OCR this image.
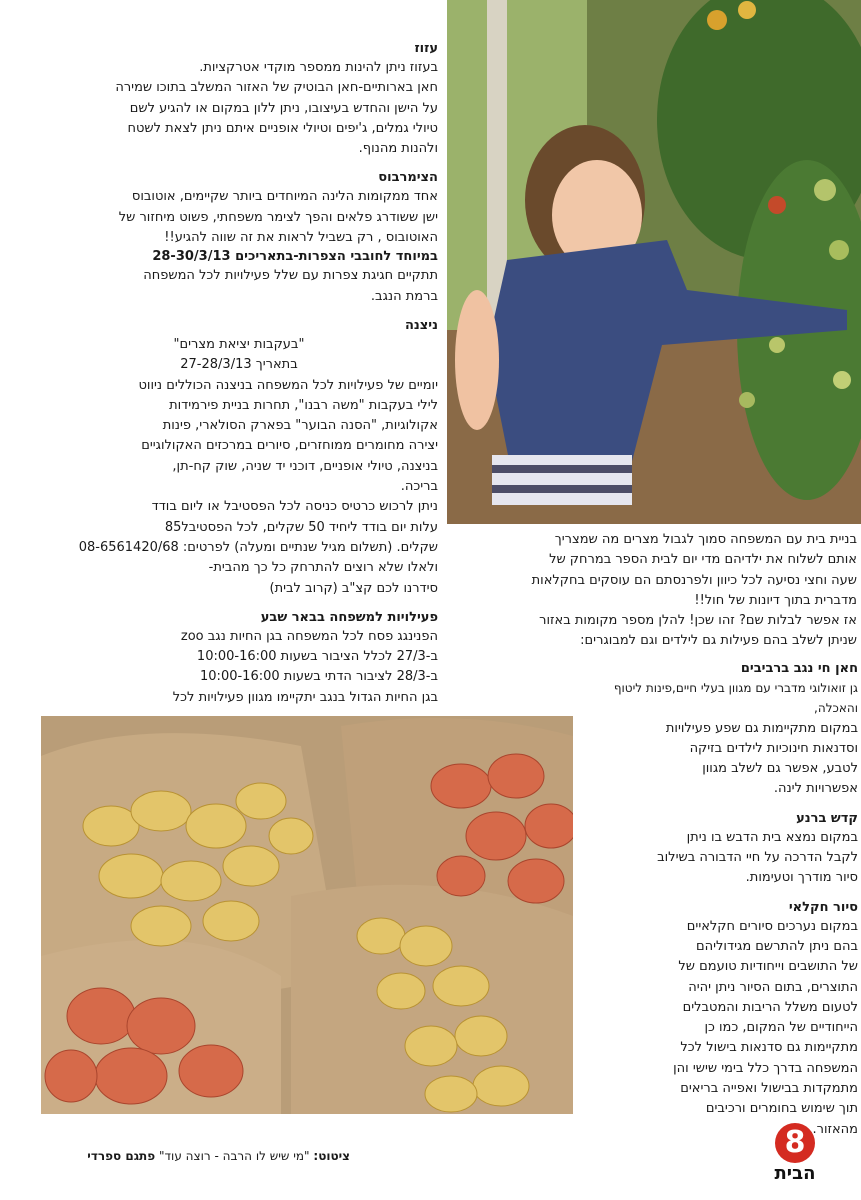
עזוז

בעזוז ניתן להינות ממספר מוקדי אטרקציות.

חאן בארותיים-חאן הבוטיק של האזור המשלב בתוכו שמירה

על הישן והחדש בעיצובו, ניתן ללון במקום או להגיע לשם

טיולי גמלים, ג'יפים וטיולי אופניים איתם ניתן לצאת לשטח

ולהנות מהנוף.

הצימרבוס

אחד ממקומות הלינה המיוחדים ביותר שקיימים, אוטובוס

ישן ששודרג פלאים והפך לצימר משפחתי, פשוט מיחזור של

האוטובוס , רק בשביל לראות את זה שווה להגיע!!

במיוחד לחובבי הצפרות-בתאריכים 28-30/3/13

תתקיים חגיגת צפרות עם שלל פעילויות לכל המשפחה

ברמת הנגב.

ניצנה

"בעקבות יציאת מצרים"

בתאריך 27-28/3/13

יומיים של פעילויות לכל המשפחה בניצנה הכוללים ניווט

לילי בעקבות "משה רבנו", תחרות בניית פירמידות

אקולוגיות, "הסנה הבוער" בפארק הסולארי, פינות

יצירה מחומרים ממוחזרים, סיורים במרכזים האקולוגיים

בניצנה, טיולי אופניים, דוכני יד שניה, שוק קח-תן,

בריכה.

ניתן לרכוש כרטיס כניסה לכל הפסטיבל או ליום בודד

עלות יום בודד ליחיד 50 שקלים, לכל הפסטיבל85

שקלים. (תשלום מגיל שנתיים ומעלה) לפרטים: 08-6561420/68

ולאלו שלא רוצים להתרחק כל כך מהבית-

סידרנו לכם קצ"ב (קרוב לבית)

פעילויות למשפחה בבאר שבע

הפנינגג פסח לכל המשפחה בגן החיות נגב zoo

ב-27/3 לכלל הציבור בשעות 10:00-16:00

ב-28/3 לציבור הדתי בשעות 10:00-16:00

בגן החיות הגדול בנגב יתקיימו מגוון פעילויות לכל

בניית בית עם המשפחה סמוך לגבול מצרים מה שמצריך

אותם לשלוח את ילדיהם מדי יום לבית הספר במרחק של

שעה וחצי נסיעה לכל כיוון ולפרנסתם הם עוסקים בחקלאות

מדברית בתוך דיונות של חול!!

אז אפשר לבלות שם? זהו שכן! להלן מספר מקומות באזור

שניתן לשלב בהם פעילות גם לילדים וגם למבוגרים:

חאן חי נגב ברביבים

גן זואולוגי מדברי עם מגוון בעלי חיים,פינות ליטוף והאכלה,

במקום מתקיימות גם שפע פעילויות

וסדנאות חינוכיות לילדים בזיקה

לטבע, אפשר גם לשלב מגוון

אפשרויות לינה.

קדש ברנע

במקום נמצא בית הדבש בו ניתן

לקבל הדרכה על חיי הדבורה בשילוב

סיור מודרך וטעימות.

סיור חקלאי

במקום נערכים סיורים חקלאיים

בהם ניתן להתרשם מגידוליהם

של התושבים וייחודיות טועמם של

התוצרים, בתום הסיור ניתן יהיה

לטעום משלל הריבות והמטבלים

הייחודיים של המקום, כמו כן

מתקיימות גם סדנאות בישול לכל

המשפחה בדרך כלל בימי שישי והן

מתמקדות בבישול ואפייה בריאים

תוך שימוש בחומרים ורכיבים

מהאזור.

ציטוט: "מי שיש לו הרבה - רוצה עוד" פתגם ספרדי	8
הבית
